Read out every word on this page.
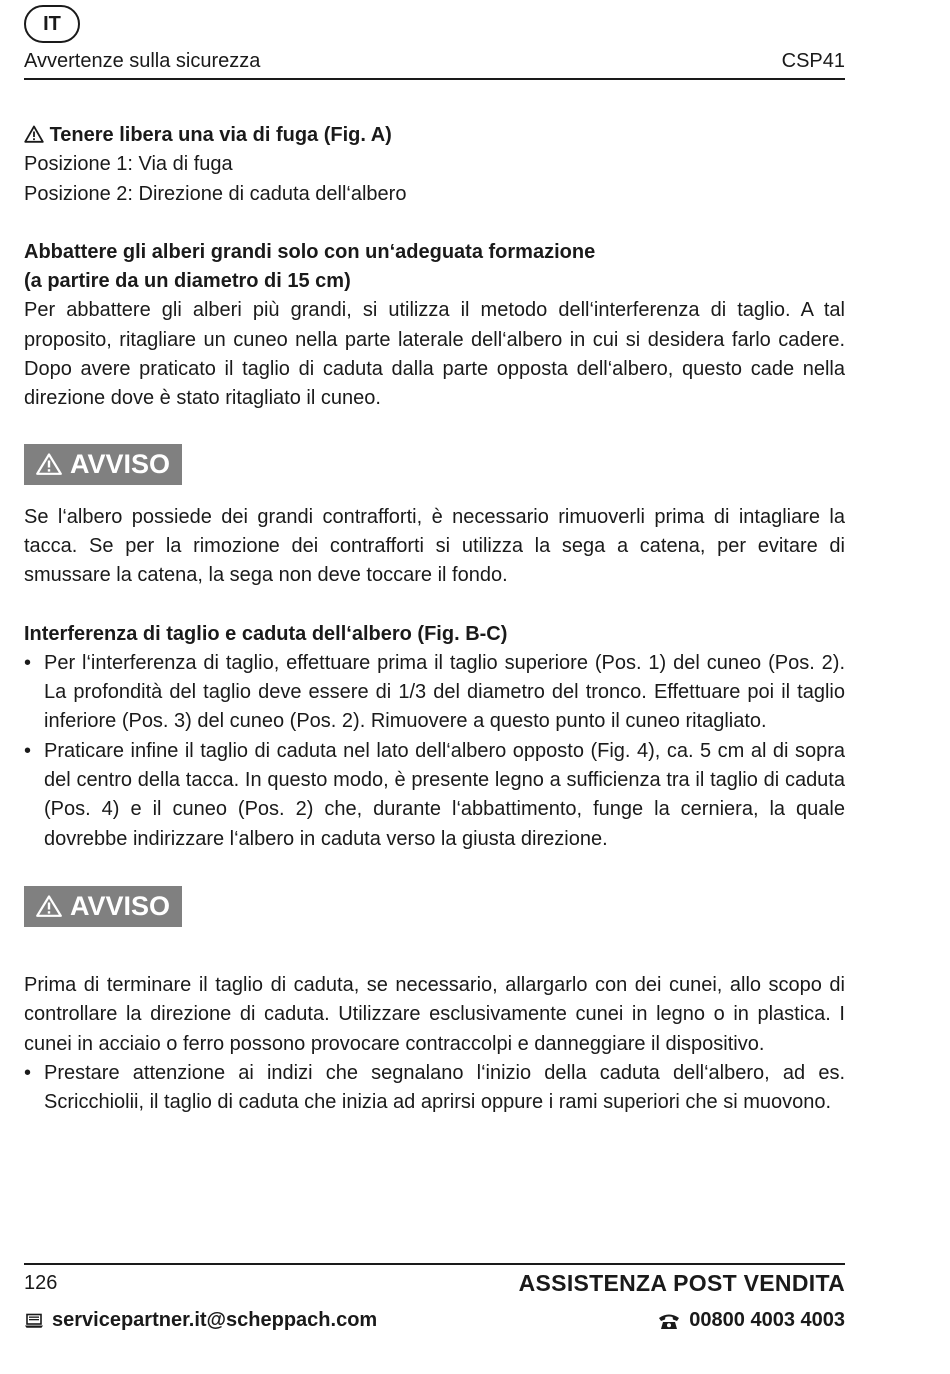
IT
Avvertenze sulla sicurezza	CSP41

Tenere libera una via di fuga (Fig. A)

Posizione 1: Via di fuga

Posizione 2: Direzione di caduta dell‘albero

Abbattere gli alberi grandi solo con un‘adeguata formazione

(a partire da un diametro di 15 cm)

Per abbattere gli alberi più grandi, si utilizza il metodo dell‘interferenza di taglio. A tal proposito, ritagliare un cuneo nella parte laterale dell‘albero in cui si desidera farlo cadere. Dopo avere praticato il taglio di caduta dalla parte opposta dell‘albero, questo cade nella direzione dove è stato ritagliato il cuneo.

AVVISO

Se l‘albero possiede dei grandi contrafforti, è necessario rimuoverli prima di intagliare la tacca. Se per la rimozione dei contrafforti si utilizza la sega a catena, per evitare di smussare la catena, la sega non deve toccare il fondo.

Interferenza di taglio e caduta dell‘albero (Fig. B-C)

• Per l‘interferenza di taglio, effettuare prima il taglio superiore (Pos. 1) del cuneo (Pos. 2). La profondità del taglio deve essere di 1/3 del diametro del tronco. Effettuare poi il taglio inferiore (Pos. 3) del cuneo (Pos. 2). Rimuovere a questo punto il cuneo ritagliato.
• Praticare infine il taglio di caduta nel lato dell‘albero opposto (Fig. 4), ca. 5 cm al di sopra del centro della tacca. In questo modo, è presente legno a sufficienza tra il taglio di caduta (Pos. 4) e il cuneo (Pos. 2) che, durante l‘abbattimento, funge la cerniera, la quale dovrebbe indirizzare l‘albero in caduta verso la giusta direzione.
AVVISO

Prima di terminare il taglio di caduta, se necessario, allargarlo con dei cunei, allo scopo di controllare la direzione di caduta. Utilizzare esclusivamente cunei in legno o in plastica. I cunei in acciaio o ferro possono provocare contraccolpi e danneggiare il dispositivo.

• Prestare attenzione ai indizi che segnalano l‘inizio della caduta dell‘albero, ad es. Scricchiolii, il taglio di caduta che inizia ad aprirsi oppure i rami superiori che si muovono.
126	ASSISTENZA POST VENDITA
servicepartner.it@scheppach.com	00800 4003 4003
